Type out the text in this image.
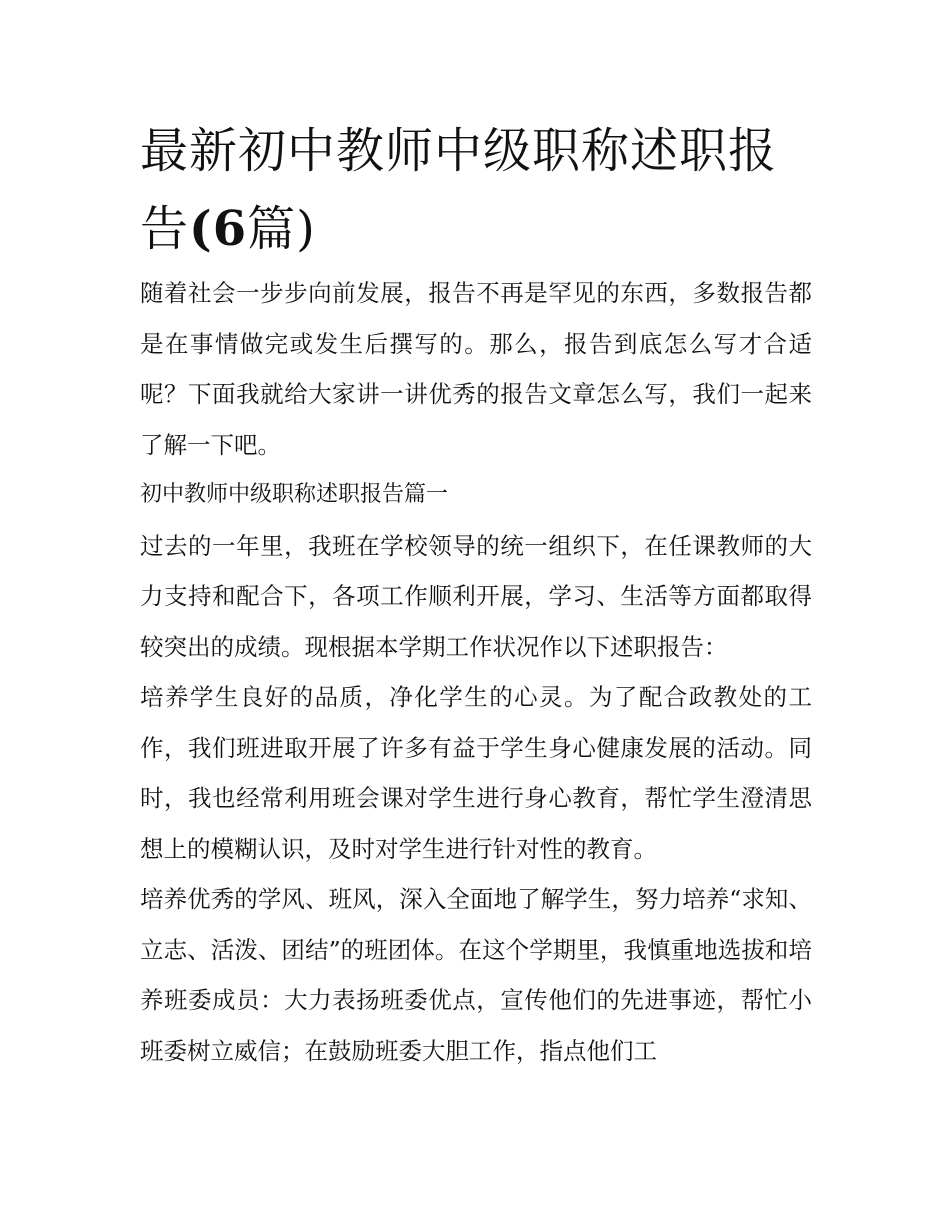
最新初中教师中级职称述职报告(6篇)

随着社会一步步向前发展，报告不再是罕见的东西，多数报告都是在事情做完或发生后撰写的。那么，报告到底怎么写才合适呢？下面我就给大家讲一讲优秀的报告文章怎么写，我们一起来了解一下吧。

初中教师中级职称述职报告篇一

过去的一年里，我班在学校领导的统一组织下，在任课教师的大力支持和配合下，各项工作顺利开展，学习、生活等方面都取得较突出的成绩。现根据本学期工作状况作以下述职报告：

培养学生良好的品质，净化学生的心灵。为了配合政教处的工作，我们班进取开展了许多有益于学生身心健康发展的活动。同时，我也经常利用班会课对学生进行身心教育，帮忙学生澄清思想上的模糊认识，及时对学生进行针对性的教育。

培养优秀的学风、班风，深入全面地了解学生，努力培养“求知、立志、活泼、团结”的班团体。在这个学期里，我慎重地选拔和培养班委成员：大力表扬班委优点，宣传他们的先进事迹，帮忙小班委树立威信；在鼓励班委大胆工作，指点他们工
